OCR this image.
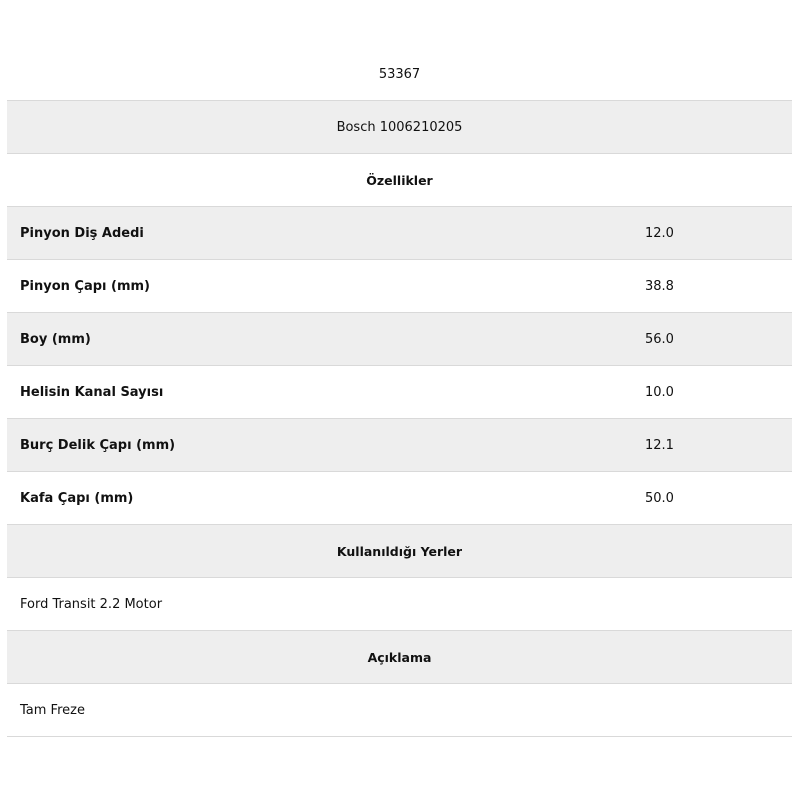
53367
Bosch 1006210205
Özellikler
Pinyon Diş Adedi	12.0
Pinyon Çapı (mm)	38.8
Boy (mm)	56.0
Helisin Kanal Sayısı	10.0
Burç Delik Çapı (mm)	12.1
Kafa Çapı (mm)	50.0
Kullanıldığı Yerler
Ford Transit 2.2 Motor
Açıklama
Tam Freze
